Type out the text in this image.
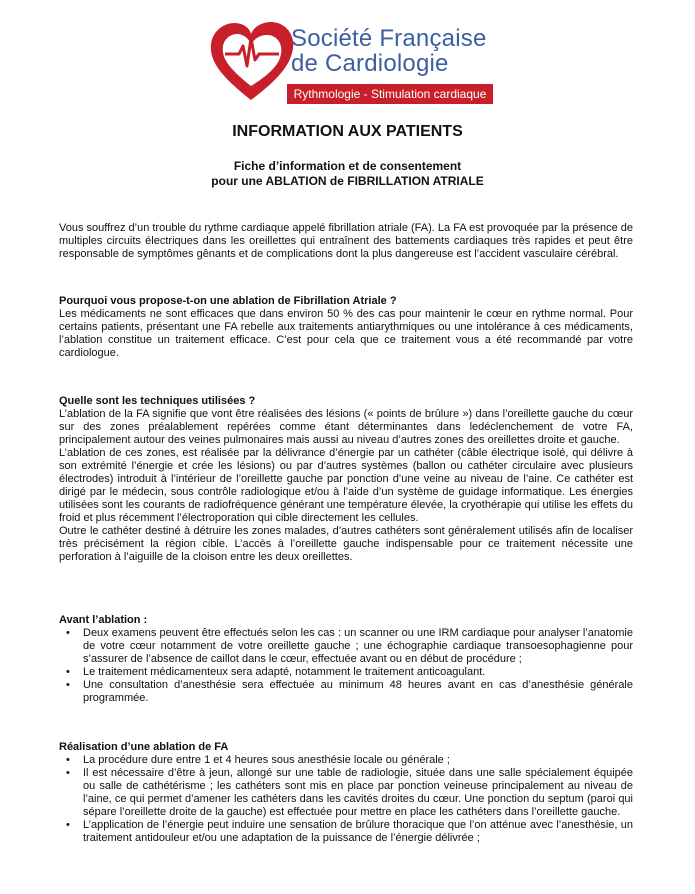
Société Française
de Cardiologie
Rythmologie - Stimulation cardiaque
INFORMATION AUX PATIENTS
Fiche d’information et de consentement
pour une ABLATION de FIBRILLATION ATRIALE

Vous souffrez d’un trouble du rythme cardiaque appelé fibrillation atriale (FA). La FA est provoquée par la présence de multiples circuits électriques dans les oreillettes qui entraînent des battements cardiaques très rapides et peut être responsable de symptômes gênants et de complications dont la plus dangereuse est l’accident vasculaire cérébral.

Pourquoi vous propose-t-on une ablation de Fibrillation Atriale ?

Les médicaments ne sont efficaces que dans environ 50 % des cas pour maintenir le cœur en rythme normal. Pour certains patients, présentant une FA rebelle aux traitements antiarythmiques ou une intolérance à ces médicaments, l’ablation constitue un traitement efficace. C’est pour cela que ce traitement vous a été recommandé par votre cardiologue.

Quelle sont les techniques utilisées ?

L’ablation de la FA signifie que vont être réalisées des lésions (« points de brûlure ») dans l’oreillette gauche du cœur sur des zones préalablement repérées comme étant déterminantes dans ledéclenchement de votre FA, principalement autour des veines pulmonaires mais aussi au niveau d’autres zones des oreillettes droite et gauche.

L’ablation de ces zones, est réalisée par la délivrance d’énergie par un cathéter (câble électrique isolé, qui délivre à son extrémité l’énergie et crée les lésions) ou par d’autres systèmes (ballon ou cathéter circulaire avec plusieurs électrodes) introduit à l’intérieur de l’oreillette gauche par ponction d’une veine au niveau de l’aine. Ce cathéter est dirigé par le médecin, sous contrôle radiologique et/ou à l’aide d’un système de guidage informatique. Les énergies utilisées sont les courants de radiofréquence générant une température élevée, la cryothérapie qui utilise les effets du froid et plus récemment l’électroporation qui cible directement les cellules.

Outre le cathéter destiné à détruire les zones malades, d’autres cathéters sont généralement utilisés afin de localiser très précisément la région cible. L’accès à l’oreillette gauche indispensable pour ce traitement nécessite une perforation à l’aiguille de la cloison entre les deux oreillettes.

Avant l’ablation :

• Deux examens peuvent être effectués selon les cas : un scanner ou une IRM cardiaque pour analyser l’anatomie de votre cœur notamment de votre oreillette gauche ; une échographie cardiaque transoesophagienne pour s’assurer de l’absence de caillot dans le cœur, effectuée avant ou en début de procédure ;
• Le traitement médicamenteux sera adapté, notamment le traitement anticoagulant.
• Une consultation d’anesthésie sera effectuée au minimum 48 heures avant en cas d’anesthésie générale programmée.

Réalisation d’une ablation de FA

• La procédure dure entre 1 et 4 heures sous anesthésie locale ou générale ;
• Il est nécessaire d’être à jeun, allongé sur une table de radiologie, située dans une salle spécialement équipée ou salle de cathétérisme ; les cathéters sont mis en place par ponction veineuse principalement au niveau de l’aine, ce qui permet d’amener les cathéters dans les cavités droites du cœur. Une ponction du septum (paroi qui sépare l’oreillette droite de la gauche) est effectuée pour mettre en place les cathéters dans l’oreillette gauche.
• L’application de l’énergie peut induire une sensation de brûlure thoracique que l’on atténue avec l’anesthésie, un traitement antidouleur et/ou une adaptation de la puissance de l’énergie délivrée ;
